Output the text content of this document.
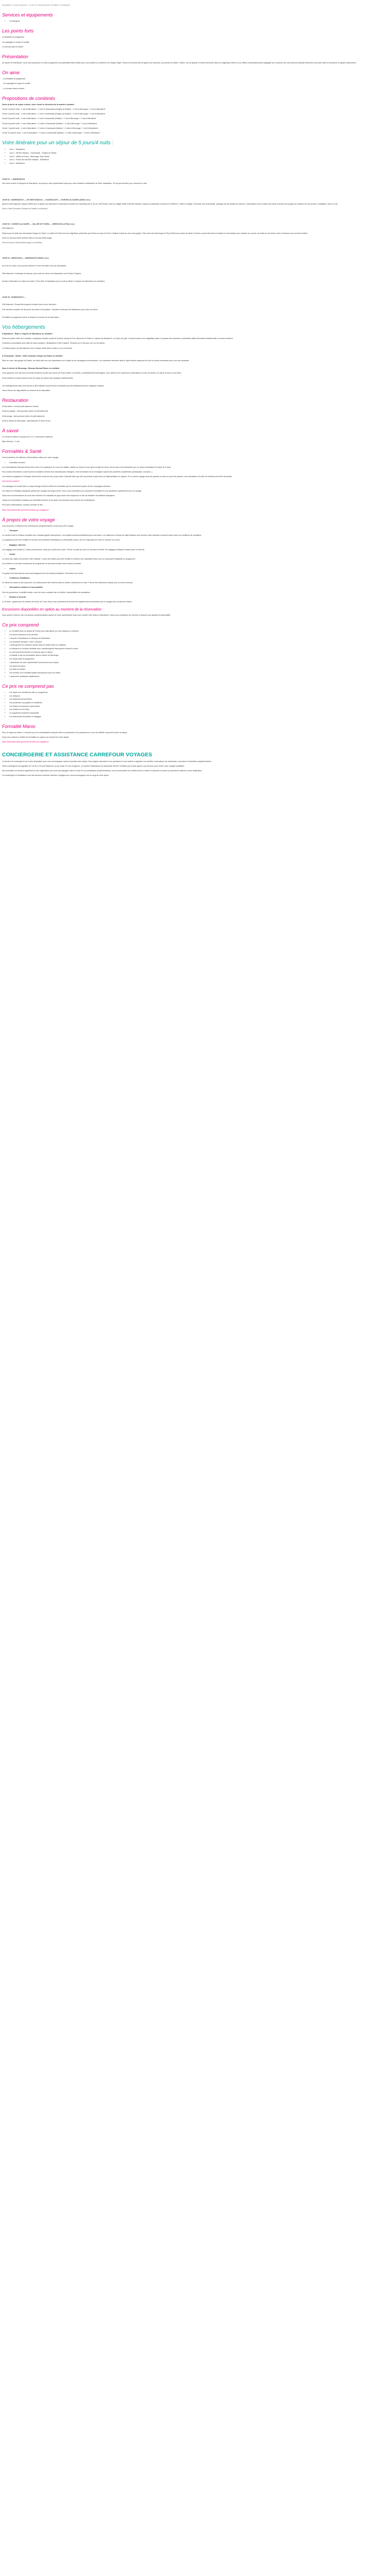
Description: Ce prix comprend : Ce prix ne comprend pas Formalités: Conciergerie

Services et équipements
• Conciergerie
Les points forts

La flexibilité du programme

Les paysages à couper le souffle

Le bivouac dans le désert

Présentation

Au départ de Marrakech, nous vous proposons un riche programme tout particulièrement étudié pour vous profitez au maximum de chaque étape. Partez à la découverte du grand sud marocain, aux portes du désert. Visitez, lors de grande et belles demeures dans un magnifique désert ou au milieux d'impressionnants paysages aux couleurs ocre qui viennent rejoindre fièrement ceux avec dans la luxuriance la vigueur saisonnière...

On aime

- La flexibilité du programme

- Les paysages à couper le souffle

- Le bivouac dans le désert

Propositions de combinés

Selon la durée de séjour choisie, votre circuit se déroulera de la manière suivante :

Circuit 3 jours/2 nuits : 1 nuit à Marrakech + 1 nuit à Ouarzazate (Gorges du Dadès) + 1 nuit à Merzouga + 1 nuit à Marrakech

Circuit 4 jours/3 nuits : 1 nuit à Marrakech + 1 nuit à Ouarzazate (Gorges du Dadès) + 1 nuit à Merzouga + 1 nuit à Marrakech

Circuit 5 jours/4 nuits : 1 nuit à Marrakech + 1 nuit à Ouarzazate (Dadès) + 1 nuit à Merzouga + 1 nuit à Marrakech

Circuit 6 jours/5 nuits : 1 nuit à Marrakech + 2 nuits à Ouarzazate (Dadès) + 1 nuit à Merzouga + 1 nuit à Marrakech

Circuit 7 jours/6 nuits : 1 nuit à Marrakech + 2 nuits à Ouarzazate (Dadès) + 2 nuits à Merzouga + 1 nuit à Marrakech

Circuit 10 jours/9 nuits : 1 nuit à Marrakech + 2 nuits à Ouarzazate (Dadès) + 4 nuits à Merzouga + 2 nuits à Marrakech

Votre itinéraire pour un séjour de 5 jours/4 nuits :
• Jour 1 : Marrakech
• Jour 2 : Aït Ben Haddou - Ouarzazate - Gorges du Dadès
• Jour 3 : Vallée du Todra - Merzouga / Erg Chebbi
• Jour 4 : Route vers Aït Ben Haddou - Marrakech
• Jour 5 : Marrakech

JOUR 01 — MARRAKECH

Dès votre arrivée à l'aéroport de Marrakech, accueil par notre représentant local pour votre transfert à destination du Riad. Installation. Fin de journée libre pour découvrir la ville.

JOUR 02 : MARRAKECH — AÏT BEN HADDOU — OUARZAZATE — GORGES du DADÈS (360km env.)

Après le petit déjeuner, départ à 8h00 pour le grand sud marocain en traversant la chaîne du Haut Atlas par le col du Tizin'Tichka. Arrêt au village fortifié d'Aït Ben Haddou, classé au patrimoine mondial de l'UNESCO. Visite du village. Poursuite vers Ouarzazate, passage par les studios de cinéma. Continuation vers la vallée des roses et arrivée aux gorges du Dadès en fin de journée. Installation, dîner et nuit.

Nuit à l'hôtel Caravane (Gorges du Dadès) ou similaire)

JOUR 03 : GORGES du DADÈS — VALLÉE DE TODRA — MERZOUGA (270km env.)

Petit déjeuner.

Départ pour la visite des étonnantes Gorges du Todra. La vallée de Todra est une magnifique palmeraie qui s'étend sur plus de 40 km. Balade à pied au cœur des gorges. Puis route vers Merzouga et l'Erg Chebbi aux portes du désert. Arrivée au pied des dunes et départ en dromadaire pour assister au coucher de soleil sur les dunes. Nuit en bivouac sous la tente berbère.

Dîner et nuit sous tente berbère dans le bivouac (Merzouga).

Nuit au bivouac Nomad (Merzouga) ou similaire)

JOUR 04 : MERZOUGA — MARRAKECH (560km env.)

Au lever du soleil, vous pourrez admirer le lever de soleil à dos de dromadaire.

Petit déjeuner à l'auberge du bivouac, puis route du retour vers Marrakech via le Draa et Zagora.

Arrivée à Marrakech en début de soirée. Dîner libre et installation pour la nuit au Riad Le Caprice de Marrakech (ou similaire).

JOUR 05 : MARRAKECH —

Petit déjeuner. Temps libre jusqu'au transfert prévu pour l'aéroport.

Une dernière occasion de découvrir les souks et les jardins. Transfert à l'aéroport de Marrakech pour votre vol retour.

Flexibilité du programme selon le départ au moment de la réservation.

Vos hébergements

À Marrakech : Riad Le Caprice de Marrakech ou similaire*

Dans une petite ruelle de la médina, à quelques minutes à pied de la place Jemaa el Fna, découvrez le Riad Le Caprice de Marrakech, un havre de paix. Construit autour d'un magnifique patio, il propose des chambres confortables alliant décoration traditionnelle et confort moderne.

Chambres confortables avec salle de bains privative, climatisation et Wi-Fi gratuit. Terrasse sur le toit avec vue sur la médina.

Le Riad propose un petit-déjeuner servi chaque matin dans le patio ou sur la terrasse.

À Ouarzazate - Dadès : Hôtel Caravane Gorges du Dadès ou similaire

Situé au cœur des gorges du Dadès, cet hôtel offre une vue imprenable sur la vallée et les montagnes environnantes. Les chambres décorées dans le style berbère disposent de tout le confort nécessaire pour une nuit reposante.

Dans le désert de Merzouga : Bivouac Nomad Palace ou similaire

Vous passerez une nuit sous les tentes berbères au pied des dunes de l'Erg Chebbi. Les tentes, confortablement aménagées, vous offriront une expérience authentique au cœur du désert, au calme et sous le ciel étoilé.

Dîner berbère et soirée autour du feu de camp au rythme des musiques traditionnelles.

Les hébergements cités sont donnés à titre indicatif et peuvent être remplacés par des établissements de catégorie similaire.

*sous réserve de disponibilité au moment de la réservation.

Restauration

À Marrakech : formule petit-déjeuner incluse

Dans les gorges : demi-pension (dîner et petit-déjeuner)

À Merzouga : demi-pension (dîner et petit-déjeuner)

Dans le désert de Merzouga : petit-déjeuner et dîner inclus

À savoir

Le circuit se réalise en groupe de 2 à 17 personnes maximum.

Âge minimum : 2 ans

Formalités & Santé

Nous travaillons à la diffusion d'informations utiles pour votre voyage.

• Formalités d'entrée

Les ressortissants français doivent être munis d'un passeport en cours de validité, valable au moins 6 mois après la date de retour. Aucun visa n'est nécessaire pour un séjour touristique de moins de 3 mois.

Pour toutes informations concernant les formalités d'entrée des ressortissants étrangers, il est nécessaire de se renseigner auprès des autorités compétentes (ambassade, consulat...).

Les mineurs voyageant à l'étranger doivent être munis de leur propre pièce d'identité ainsi que des documents requis selon la réglementation en vigueur. Si un mineur voyage sans ses parents ou avec un seul des parents, une autorisation de sortie du territoire peut être demandée.

www.service-public.fr

Les passagers en transit dans un pays étranger doivent vérifier les formalités qui les concernent auprès de leur compagnie aérienne.

Les séjours à l'étranger impliquent parfois des voyages de longue durée. Nous vous conseillons une assurance annulation et une assistance rapatriement pour ce voyage.

Nous vous recommandons de vous tenir informés de l'actualité du pays avant votre départ sur le site du Ministère des Affaires étrangères.

Toutes ces informations relatives aux formalités d'entrée et de santé sont données sous réserve de modifications.

Pour plus d'informations, veuillez consulter le site :

https://www.diplomatie.gouv.fr/fr/conseils-aux-voyageurs/

À propos de votre voyage

Vous trouverez ci-dessous des informations complémentaires concernant votre voyage :

• Transport

Le circuit se fait en minibus climatisé avec chauffeur/guide francophone. Les transferts aéroport/hôtel/aéroport sont inclus. Les distances et temps de trajet indiqués sont donnés à titre indicatif et peuvent varier selon les conditions de circulation.

Le programme peut être modifié en fonction des conditions climatiques ou d'impératifs locaux, tout en respectant au mieux le contenu du circuit.

• Bagages / adresse

Les bagages sont limités à 1 valise par personne, ainsi qu'un petit sac à main. Prévoir un petit sac pour la nuit dans le désert, les bagages principaux restant dans le véhicule.

• Visites

La durée des visites est donnée à titre indicatif. L'ordre des visites peut être modifié en fonction des impératifs locaux tout en respectant l'intégralité du programme.

Les entrées sur les sites mentionnés au programme ne sont pas incluses sauf mention contraire.

• Guides

Un guide local francophone vous accompagnera lors des visites principales. Pourboires non inclus.

• Conditions climatiques

Le climat est chaud et sec la journée, les nuits peuvent être fraîches dans le désert, notamment en hiver. Prévoir des vêtements chauds pour la nuit en bivouac.

• Informations relatives à l'accessibilité

Pour les personnes à mobilité réduite, merci de nous contacter afin de vérifier l'accessibilité des prestations.

• Enfants et sécurité

Le lit bébé : gratuit pour les enfants de moins de 2 ans. Nous vous conseillons de prévoir les équipements nécessaires pour le voyage avec de jeunes enfants.

Excursions disponibles en option au moment de la réservation :

Vous pourrez réserver des excursions complémentaires auprès de notre représentant local, pour enrichir votre séjour à Marrakech. Nous vous conseillons de réserver à l'avance pour garantir la disponibilité.

Ce prix comprend
• Le vol aller/retour au départ de France pour Marrakech sur vols réguliers ou charters
• Les taxes d'aéroport et de sécurité
• L'accueil et l'assistance à l'aéroport de Marrakech
• Les transferts aéroport / hôtel / aéroport
• L'hébergement en chambre double dans les hôtels cités ou similaires
• Le transport en minibus climatisé avec chauffeur/guide francophone durant le circuit
• La nuit sous tente berbère en bivouac dans le désert
• La balade à dos de dromadaire dans le désert de Merzouga
• Les repas selon le programme
• L'assistance de notre représentant local durant tout le séjour
• Les taxes de séjour
• Les frais de dossier
• Les services d'un chauffeur/guide francophone pour les visites
• L'assurance assistance rapatriement
Ce prix ne comprend pas
• Les repas non mentionnés dans le programme
• Les boissons
• Les dépenses personnelles
• Les pourboires aux guides et chauffeurs
• Les visites et excursions optionnelles
• Les entrées sur les sites
• Le supplément chambre individuelle
• Les assurances annulation et bagages
Formalité Maroc

Pour ce séjour au Maroc, il convient pour les ressortissants français d'être en possession d'un passeport en cours de validité couvrant la durée du séjour.

Nous vous invitons à vérifier les formalités en vigueur au moment de votre départ.

https://www.diplomatie.gouv.fr/fr/conseils-aux-voyageurs/

CONCIERGERIE ET ASSISTANCE CARREFOUR VOYAGES

Un service de conciergerie est à votre disposition pour vous accompagner avant et pendant votre séjour. Nos équipes répondent à vos questions et vous aident à organiser vos activités, réservations de restaurants, excursions et transferts supplémentaires.

Notre conciergerie est joignable 7j/7 de 9h à 21h par téléphone ou par email. En cas d'urgence, un numéro d'assistance est disponible 24h/24. N'hésitez pas à faire appel à nos services pour rendre votre voyage inoubliable.

Nos conseillers se tiennent également à votre disposition pour vous accompagner dans le choix de vos prestations complémentaires, vous recommander les meilleurs lieux à visiter et répondre à toutes vos questions relatives à votre destination.

La conciergerie et l'assistance sont des services exclusifs Carrefour Voyages pour vous accompagner tout au long de votre séjour.
